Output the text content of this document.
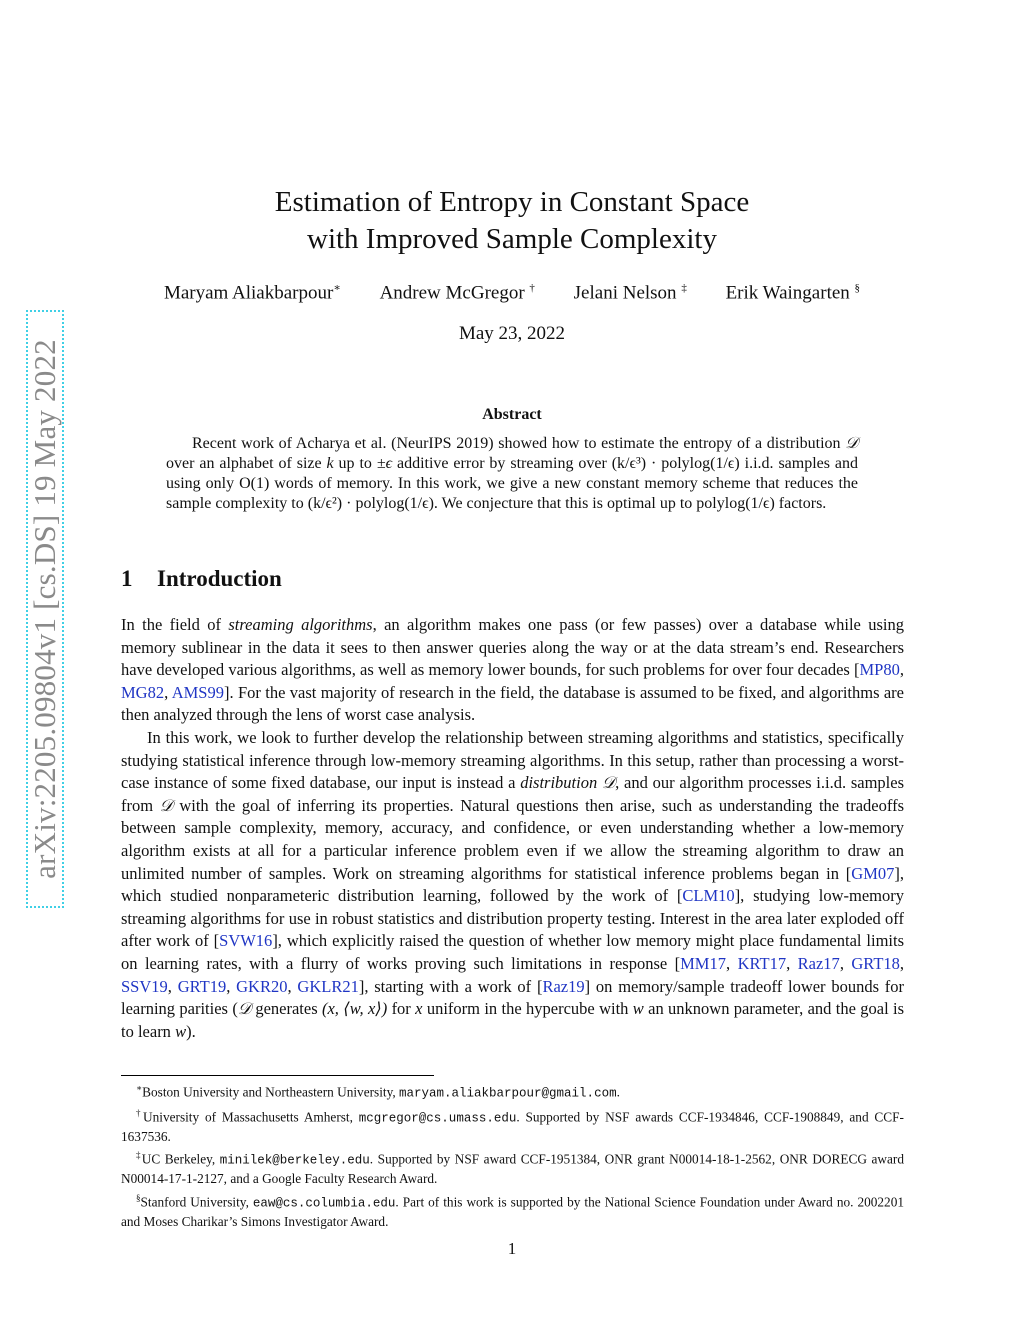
arXiv:2205.09804v1 [cs.DS] 19 May 2022
Estimation of Entropy in Constant Space
with Improved Sample Complexity
Maryam Aliakbarpour∗ Andrew McGregor † Jelani Nelson ‡ Erik Waingarten §
May 23, 2022
Abstract

Recent work of Acharya et al. (NeurIPS 2019) showed how to estimate the entropy of a distribution 𝒟 over an alphabet of size k up to ±ϵ additive error by streaming over (k/ϵ³) · polylog(1/ϵ) i.i.d. samples and using only O(1) words of memory. In this work, we give a new constant memory scheme that reduces the sample complexity to (k/ϵ²) · polylog(1/ϵ). We conjecture that this is optimal up to polylog(1/ϵ) factors.

1 Introduction

In the field of streaming algorithms, an algorithm makes one pass (or few passes) over a database while using memory sublinear in the data it sees to then answer queries along the way or at the data stream’s end. Researchers have developed various algorithms, as well as memory lower bounds, for such problems for over four decades [MP80, MG82, AMS99]. For the vast majority of research in the field, the database is assumed to be fixed, and algorithms are then analyzed through the lens of worst case analysis.

In this work, we look to further develop the relationship between streaming algorithms and statistics, specifically studying statistical inference through low-memory streaming algorithms. In this setup, rather than processing a worst-case instance of some fixed database, our input is instead a distribution 𝒟, and our algorithm processes i.i.d. samples from 𝒟 with the goal of inferring its properties. Natural questions then arise, such as understanding the tradeoffs between sample complexity, memory, accuracy, and confidence, or even understanding whether a low-memory algorithm exists at all for a particular inference problem even if we allow the streaming algorithm to draw an unlimited number of samples. Work on streaming algorithms for statistical inference problems began in [GM07], which studied nonparameteric distribution learning, followed by the work of [CLM10], studying low-memory streaming algorithms for use in robust statistics and distribution property testing. Interest in the area later exploded off after work of [SVW16], which explicitly raised the question of whether low memory might place fundamental limits on learning rates, with a flurry of works proving such limitations in response [MM17, KRT17, Raz17, GRT18, SSV19, GRT19, GKR20, GKLR21], starting with a work of [Raz19] on memory/sample tradeoff lower bounds for learning parities (𝒟 generates (x, ⟨w, x⟩) for x uniform in the hypercube with w an unknown parameter, and the goal is to learn w).

∗Boston University and Northeastern University, maryam.aliakbarpour@gmail.com.

†University of Massachusetts Amherst, mcgregor@cs.umass.edu. Supported by NSF awards CCF-1934846, CCF-1908849, and CCF-1637536.

‡UC Berkeley, minilek@berkeley.edu. Supported by NSF award CCF-1951384, ONR grant N00014-18-1-2562, ONR DORECG award N00014-17-1-2127, and a Google Faculty Research Award.

§Stanford University, eaw@cs.columbia.edu. Part of this work is supported by the National Science Foundation under Award no. 2002201 and Moses Charikar’s Simons Investigator Award.

1
